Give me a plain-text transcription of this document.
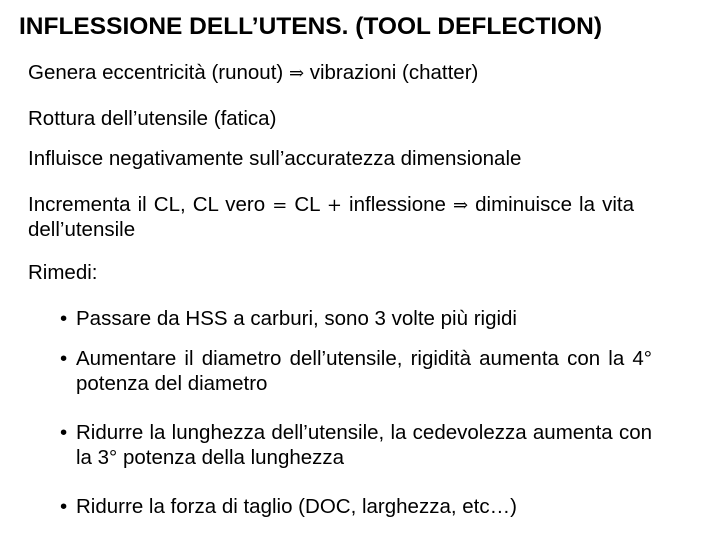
INFLESSIONE DELL’UTENS. (TOOL DEFLECTION)
Genera eccentricità (runout) ⇒ vibrazioni (chatter)
Rottura dell’utensile (fatica)
Influisce negativamente sull’accuratezza dimensionale
Incrementa il CL, CL vero = CL + inflessione ⇒ diminuisce la vita dell’utensile
Rimedi:
• Passare da HSS a carburi, sono 3 volte più rigidi
• Aumentare il diametro dell’utensile, rigidità aumenta con la 4° potenza del diametro
• Ridurre la lunghezza dell’utensile, la cedevolezza aumenta con la 3° potenza della lunghezza
• Ridurre la forza di taglio (DOC, larghezza, etc…)
